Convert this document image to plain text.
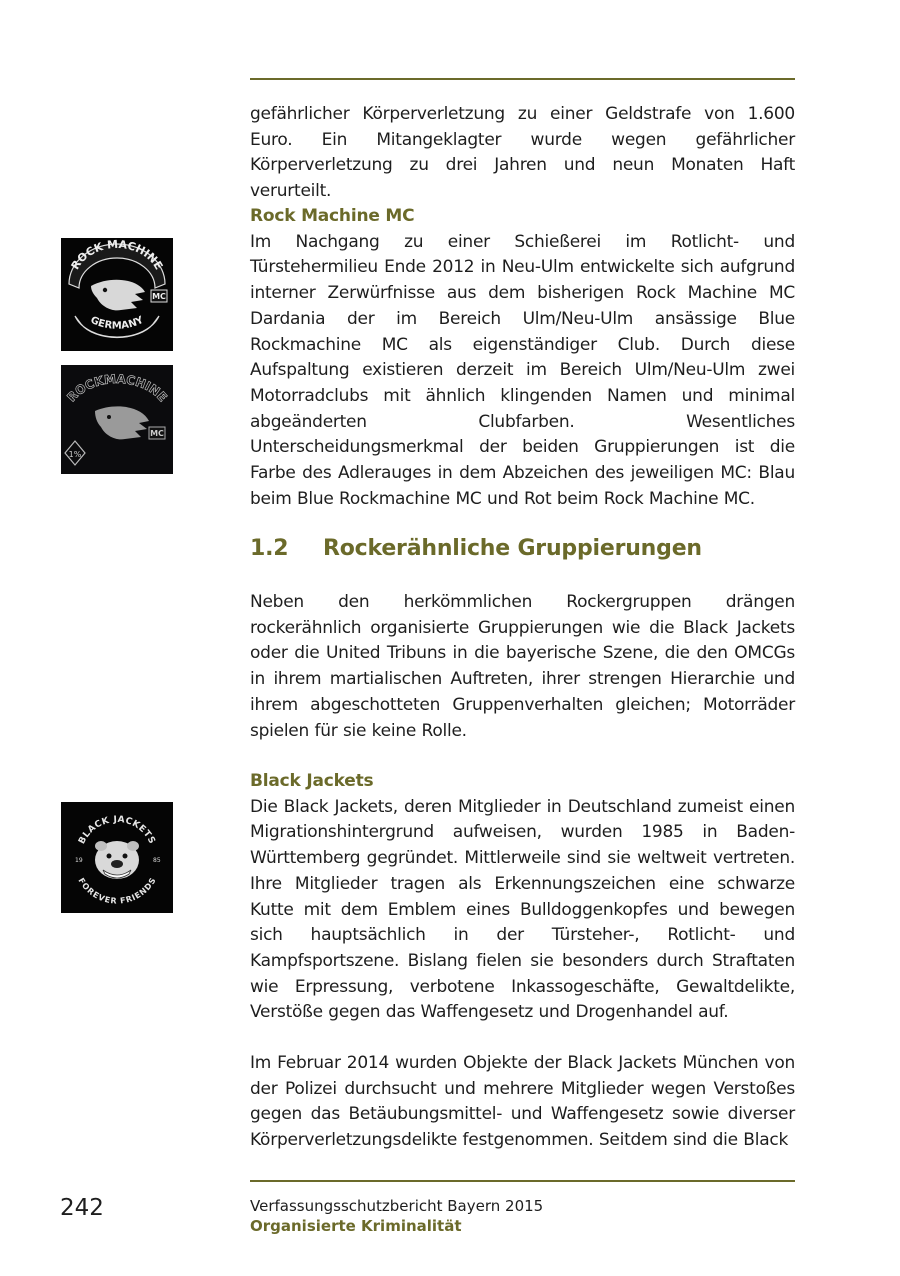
gefährlicher Körperverletzung zu einer Geldstrafe von 1.600 Euro. Ein Mitangeklagter wurde wegen gefährlicher Körperverletzung zu drei Jahren und neun Monaten Haft verurteilt.

Rock Machine MC

Im Nachgang zu einer Schießerei im Rotlicht- und Türstehermilieu Ende 2012 in Neu-Ulm entwickelte sich aufgrund interner Zerwürfnisse aus dem bisherigen Rock Machine MC Dardania der im Bereich Ulm/Neu-Ulm ansässige Blue Rockmachine MC als eigenständiger Club. Durch diese Aufspaltung existieren derzeit im Bereich Ulm/Neu-Ulm zwei Motorradclubs mit ähnlich klingenden Namen und minimal abgeänderten Clubfarben. Wesentliches Unterscheidungsmerkmal der beiden Gruppierungen ist die Farbe des Adlerauges in dem Abzeichen des jeweiligen MC: Blau beim Blue Rockmachine MC und Rot beim Rock Machine MC.

ROCK MACHINE
MC
GERMANY
ROCKMACHINE
MC
1%
1.2 Rockerähnliche Gruppierungen

Neben den herkömmlichen Rockergruppen drängen rockerähnlich organisierte Gruppierungen wie die Black Jackets oder die United Tribuns in die bayerische Szene, die den OMCGs in ihrem martialischen Auftreten, ihrer strengen Hierarchie und ihrem abgeschotteten Gruppenverhalten gleichen; Motorräder spielen für sie keine Rolle.

Black Jackets

Die Black Jackets, deren Mitglieder in Deutschland zumeist einen Migrationshintergrund aufweisen, wurden 1985 in Baden-Württemberg gegründet. Mittlerweile sind sie weltweit vertreten. Ihre Mitglieder tragen als Erkennungszeichen eine schwarze Kutte mit dem Emblem eines Bulldoggenkopfes und bewegen sich hauptsächlich in der Türsteher-, Rotlicht- und Kampfsportszene. Bislang fielen sie besonders durch Straftaten wie Erpressung, verbotene Inkassogeschäfte, Gewaltdelikte, Verstöße gegen das Waffengesetz und Drogenhandel auf.

Im Februar 2014 wurden Objekte der Black Jackets München von der Polizei durchsucht und mehrere Mitglieder wegen Verstoßes gegen das Betäubungsmittel- und Waffengesetz sowie diverser Körperverletzungsdelikte festgenommen. Seitdem sind die Black

BLACK JACKETS
19	85
FOREVER FRIENDS
242	Verfassungsschutzbericht Bayern 2015
Organisierte Kriminalität
